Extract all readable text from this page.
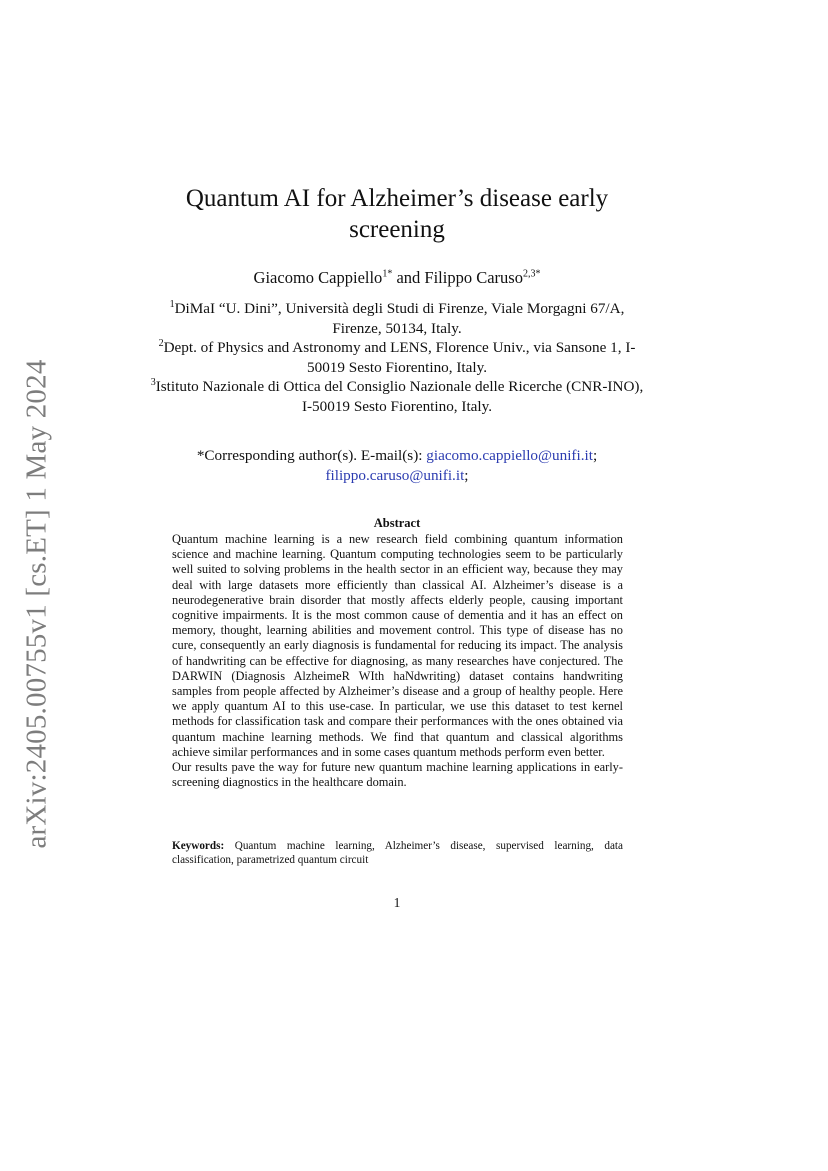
arXiv:2405.00755v1 [cs.ET] 1 May 2024
Quantum AI for Alzheimer’s disease early screening
Giacomo Cappiello$^{1*}$ and Filippo Caruso$^{2,3*}$

$^1$DiMaI “U. Dini”, Università degli Studi di Firenze, Viale Morgagni 67/A, Firenze, 50134, Italy.

$^2$Dept. of Physics and Astronomy and LENS, Florence Univ., via Sansone 1, I-50019 Sesto Fiorentino, Italy.

$^3$Istituto Nazionale di Ottica del Consiglio Nazionale delle Ricerche (CNR-INO), I-50019 Sesto Fiorentino, Italy.

*Corresponding author(s). E-mail(s): giacomo.cappiello@unifi.it;
filippo.caruso@unifi.it;
Abstract

Quantum machine learning is a new research field combining quantum information science and machine learning. Quantum computing technologies seem to be particularly well suited to solving problems in the health sector in an efficient way, because they may deal with large datasets more efficiently than classical AI. Alzheimer’s disease is a neurodegenerative brain disorder that mostly affects elderly people, causing important cognitive impairments. It is the most common cause of dementia and it has an effect on memory, thought, learning abilities and movement control. This type of disease has no cure, consequently an early diagnosis is fundamental for reducing its impact. The analysis of handwriting can be effective for diagnosing, as many researches have conjectured. The DARWIN (Diagnosis AlzheimeR WIth haNdwriting) dataset contains handwriting samples from people affected by Alzheimer’s disease and a group of healthy people. Here we apply quantum AI to this use-case. In particular, we use this dataset to test kernel methods for classification task and compare their performances with the ones obtained via quantum machine learning methods. We find that quantum and classical algorithms achieve similar performances and in some cases quantum methods perform even better.

Our results pave the way for future new quantum machine learning applications in early-screening diagnostics in the healthcare domain.

Keywords: Quantum machine learning, Alzheimer’s disease, supervised learning, data classification, parametrized quantum circuit
1
